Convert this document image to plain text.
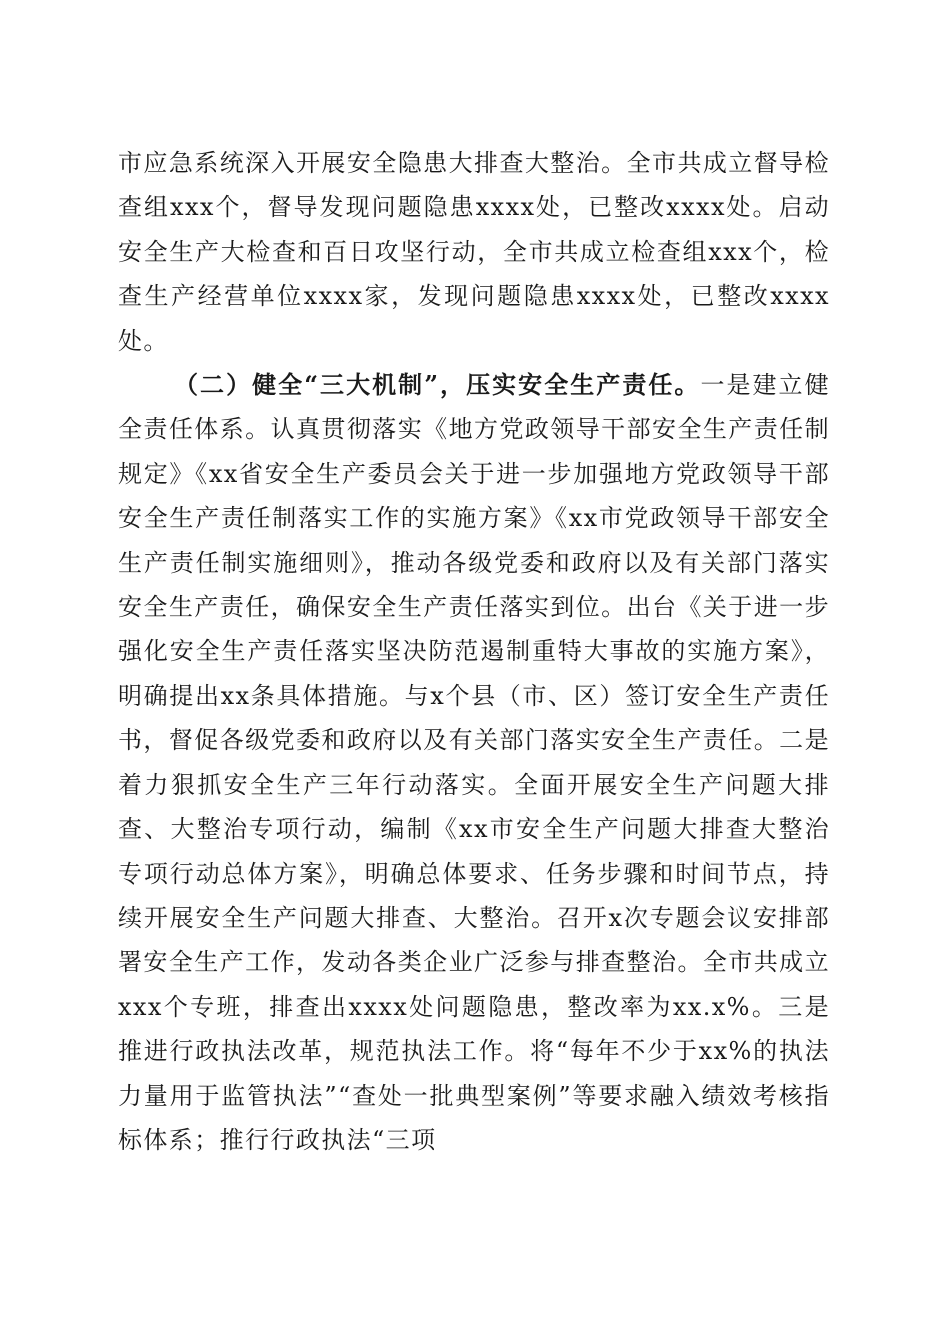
市应急系统深入开展安全隐患大排查大整治。全市共成立督导检查组xxx个，督导发现问题隐患xxxx处，已整改xxxx处。启动安全生产大检查和百日攻坚行动，全市共成立检查组xxx个，检查生产经营单位xxxx家，发现问题隐患xxxx处，已整改xxxx处。

（二）健全“三大机制”，压实安全生产责任。一是建立健全责任体系。认真贯彻落实《地方党政领导干部安全生产责任制规定》《xx省安全生产委员会关于进一步加强地方党政领导干部安全生产责任制落实工作的实施方案》《xx市党政领导干部安全生产责任制实施细则》，推动各级党委和政府以及有关部门落实安全生产责任，确保安全生产责任落实到位。出台《关于进一步强化安全生产责任落实坚决防范遏制重特大事故的实施方案》，明确提出xx条具体措施。与x个县（市、区）签订安全生产责任书，督促各级党委和政府以及有关部门落实安全生产责任。二是着力狠抓安全生产三年行动落实。全面开展安全生产问题大排查、大整治专项行动，编制《xx市安全生产问题大排查大整治专项行动总体方案》，明确总体要求、任务步骤和时间节点，持续开展安全生产问题大排查、大整治。召开x次专题会议安排部署安全生产工作，发动各类企业广泛参与排查整治。全市共成立xxx个专班，排查出xxxx处问题隐患，整改率为xx.x%。三是推进行政执法改革，规范执法工作。将“每年不少于xx%的执法力量用于监管执法”“查处一批典型案例”等要求融入绩效考核指标体系；推行行政执法“三项
